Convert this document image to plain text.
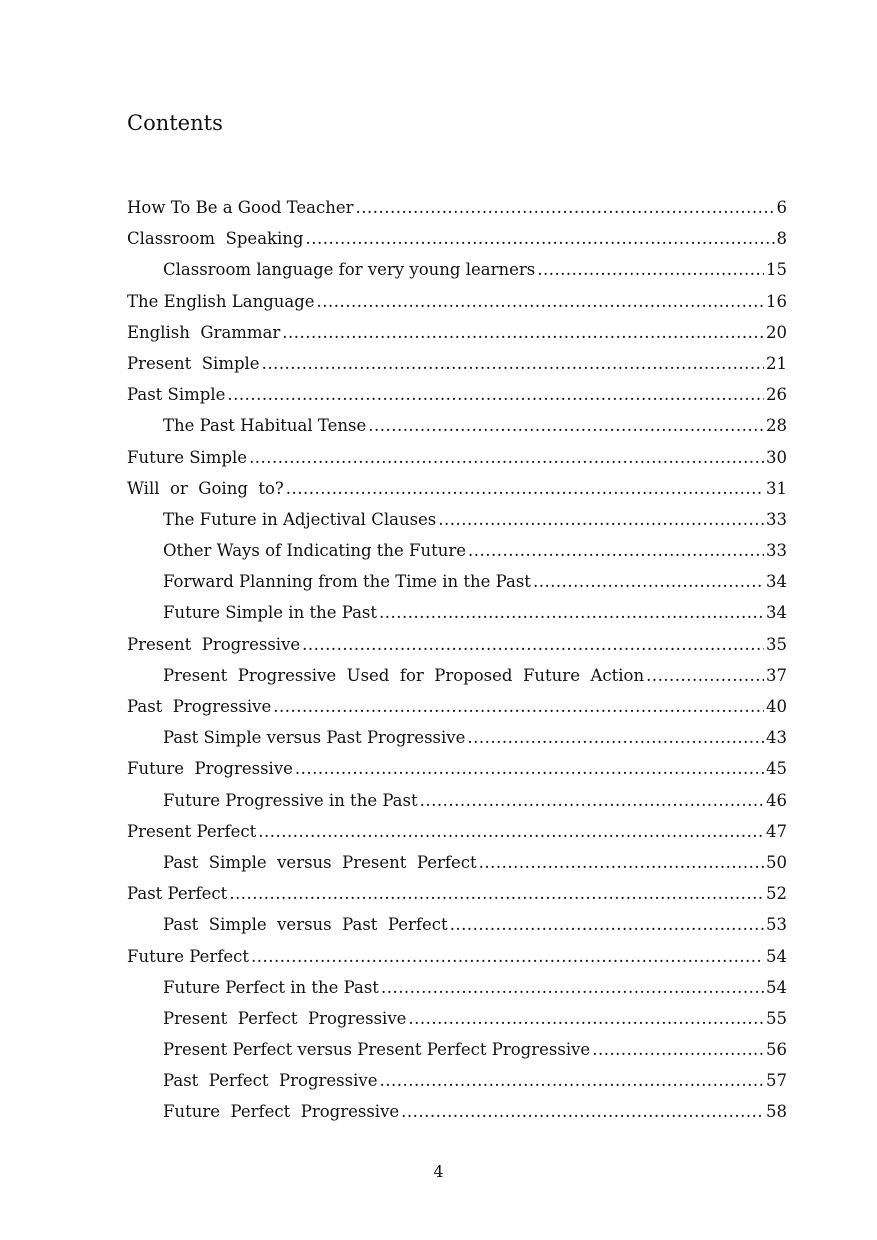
Contents
How To Be a Good Teacher .....	6
Classroom  Speaking .....	8
Classroom language for very young learners .....	15
The English Language .....	16
English  Grammar .....	20
Present  Simple .....	21
Past Simple .....	26
The Past Habitual Tense .....	28
Future Simple .....	30
Will  or  Going  to? .....	31
The Future in Adjectival Clauses .....	33
Other Ways of Indicating the Future .....	33
Forward Planning from the Time in the Past .....	34
Future Simple in the Past .....	34
Present  Progressive .....	35
Present  Progressive  Used  for  Proposed  Future  Action .....	37
Past  Progressive .....	40
Past Simple versus Past Progressive .....	43
Future  Progressive .....	45
Future Progressive in the Past .....	46
Present Perfect .....	47
Past  Simple  versus  Present  Perfect .....	50
Past Perfect .....	52
Past  Simple  versus  Past  Perfect .....	53
Future Perfect .....	54
Future Perfect in the Past .....	54
Present  Perfect  Progressive .....	55
Present Perfect versus Present Perfect Progressive .....	56
Past  Perfect  Progressive .....	57
Future  Perfect  Progressive .....	58
4
